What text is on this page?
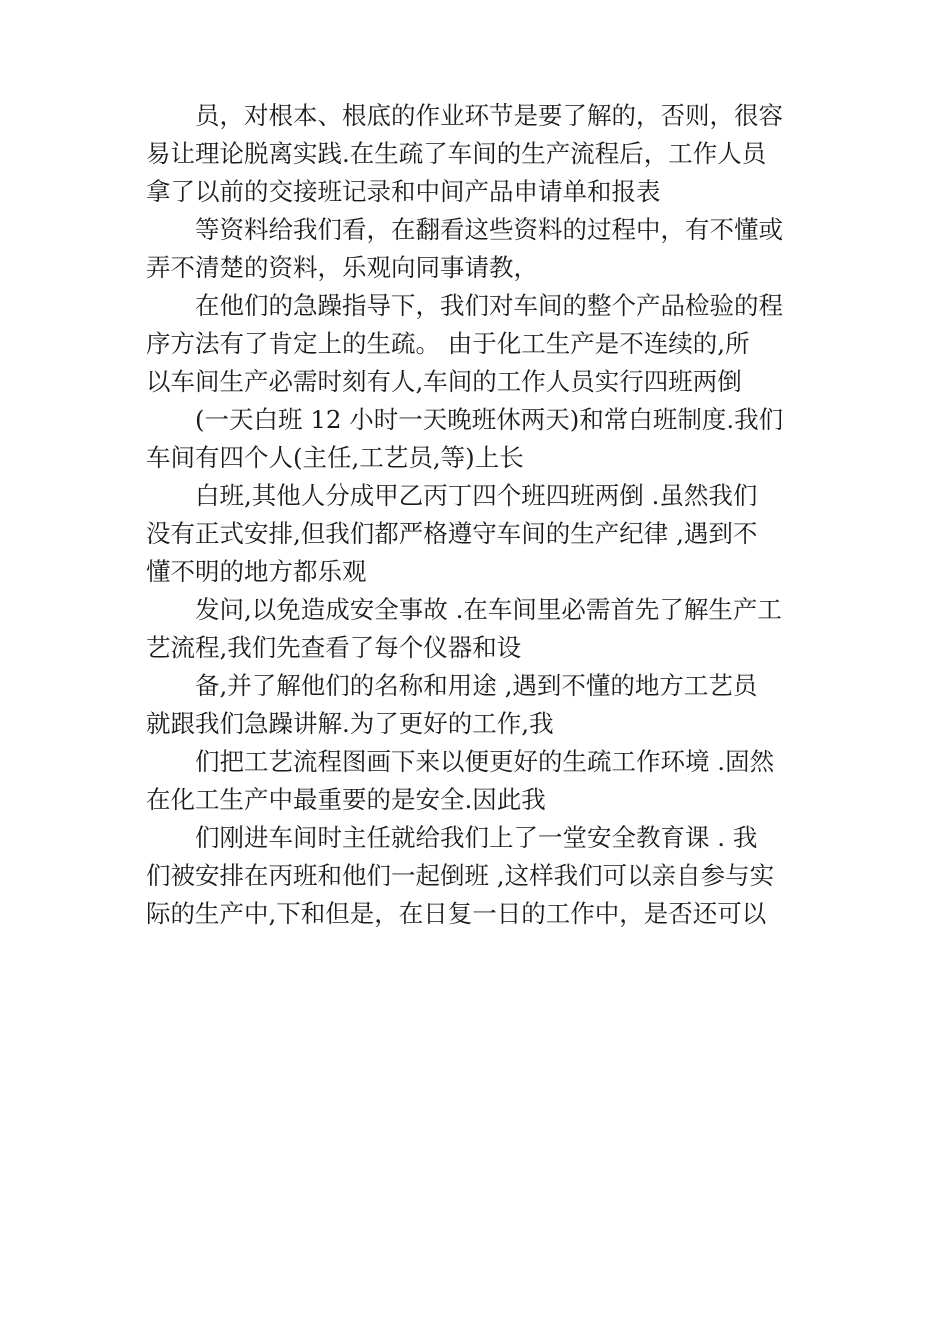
员，对根本、根底的作业环节是要了解的，否则，很容
易让理论脱离实践.在生疏了车间的生产流程后，工作人员
拿了以前的交接班记录和中间产品申请单和报表
等资料给我们看，在翻看这些资料的过程中，有不懂或
弄不清楚的资料，乐观向同事请教，
在他们的急躁指导下，我们对车间的整个产品检验的程
序方法有了肯定上的生疏。 由于化工生产是不连续的,所
以车间生产必需时刻有人,车间的工作人员实行四班两倒
(一天白班 12 小时一天晚班休两天)和常白班制度.我们
车间有四个人(主任,工艺员,等)上长
白班,其他人分成甲乙丙丁四个班四班两倒 .虽然我们
没有正式安排,但我们都严格遵守车间的生产纪律 ,遇到不
懂不明的地方都乐观
发问,以免造成安全事故 .在车间里必需首先了解生产工
艺流程,我们先查看了每个仪器和设
备,并了解他们的名称和用途 ,遇到不懂的地方工艺员
就跟我们急躁讲解.为了更好的工作,我
们把工艺流程图画下来以便更好的生疏工作环境 .固然
在化工生产中最重要的是安全.因此我
们刚进车间时主任就给我们上了一堂安全教育课 . 我
们被安排在丙班和他们一起倒班 ,这样我们可以亲自参与实
际的生产中,下和但是，在日复一日的工作中，是否还可以
